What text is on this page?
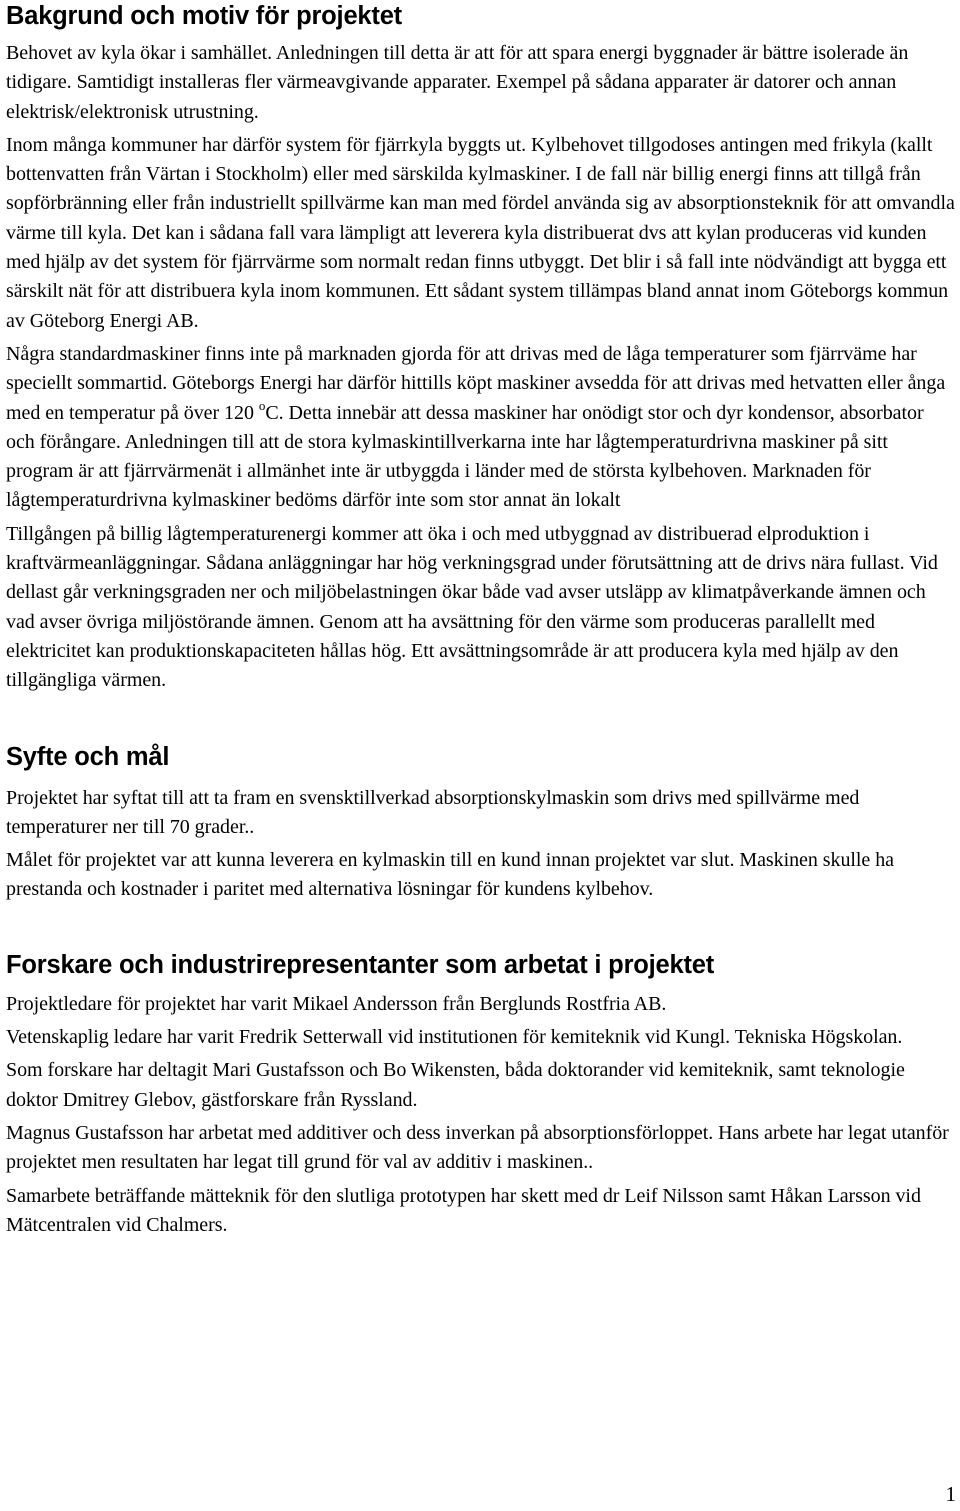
Bakgrund och motiv för projektet

Behovet av kyla ökar i samhället. Anledningen till detta är att för att spara energi byggnader är bättre isolerade än tidigare. Samtidigt installeras fler värmeavgivande apparater. Exempel på sådana apparater är datorer och annan elektrisk/elektronisk utrustning.

Inom många kommuner har därför system för fjärrkyla byggts ut. Kylbehovet tillgodoses antingen med frikyla (kallt bottenvatten från Värtan i Stockholm) eller med särskilda kylmaskiner. I de fall när billig energi finns att tillgå från sopförbränning eller från industriellt spillvärme kan man med fördel använda sig av absorptionsteknik för att omvandla värme till kyla. Det kan i sådana fall vara lämpligt att leverera kyla distribuerat dvs att kylan produceras vid kunden med hjälp av det system för fjärrvärme som normalt redan finns utbyggt. Det blir i så fall inte nödvändigt att bygga ett särskilt nät för att distribuera kyla inom kommunen. Ett sådant system tillämpas bland annat inom Göteborgs kommun av Göteborg Energi AB.

Några standardmaskiner finns inte på marknaden gjorda för att drivas med de låga temperaturer som fjärrväme har speciellt sommartid. Göteborgs Energi har därför hittills köpt maskiner avsedda för att drivas med hetvatten eller ånga med en temperatur på över 120 $^o$C. Detta innebär att dessa maskiner har onödigt stor och dyr kondensor, absorbator och förångare. Anledningen till att de stora kylmaskintillverkarna inte har lågtemperaturdrivna maskiner på sitt program är att fjärrvärmenät i allmänhet inte är utbyggda i länder med de största kylbehoven. Marknaden för lågtemperaturdrivna kylmaskiner bedöms därför inte som stor annat än lokalt

Tillgången på billig lågtemperaturenergi kommer att öka i och med utbyggnad av distribuerad elproduktion i kraftvärmeanläggningar. Sådana anläggningar har hög verkningsgrad under förutsättning att de drivs nära fullast. Vid dellast går verkningsgraden ner och miljöbelastningen ökar både vad avser utsläpp av klimatpåverkande ämnen och vad avser övriga miljöstörande ämnen. Genom att ha avsättning för den värme som produceras parallellt med elektricitet kan produktionskapaciteten hållas hög. Ett avsättningsområde är att producera kyla med hjälp av den tillgängliga värmen.

Syfte och mål

Projektet har syftat till att ta fram en svensktillverkad absorptionskylmaskin som drivs med spillvärme med temperaturer ner till 70 grader..

Målet för projektet var att kunna leverera en kylmaskin till en kund innan projektet var slut. Maskinen skulle ha prestanda och kostnader i paritet med alternativa lösningar för kundens kylbehov.

Forskare och industrirepresentanter som arbetat i projektet

Projektledare för projektet har varit Mikael Andersson från Berglunds Rostfria AB.

Vetenskaplig ledare har varit Fredrik Setterwall vid institutionen för kemiteknik vid Kungl. Tekniska Högskolan.

Som forskare har deltagit Mari Gustafsson och Bo Wikensten, båda doktorander vid kemiteknik, samt teknologie doktor Dmitrey Glebov, gästforskare från Ryssland.

Magnus Gustafsson har arbetat med additiver och dess inverkan på absorptionsförloppet. Hans arbete har legat utanför projektet men resultaten har legat till grund för val av additiv i maskinen..

Samarbete beträffande mätteknik för den slutliga prototypen har skett med dr Leif Nilsson samt Håkan Larsson vid Mätcentralen vid Chalmers.

1
